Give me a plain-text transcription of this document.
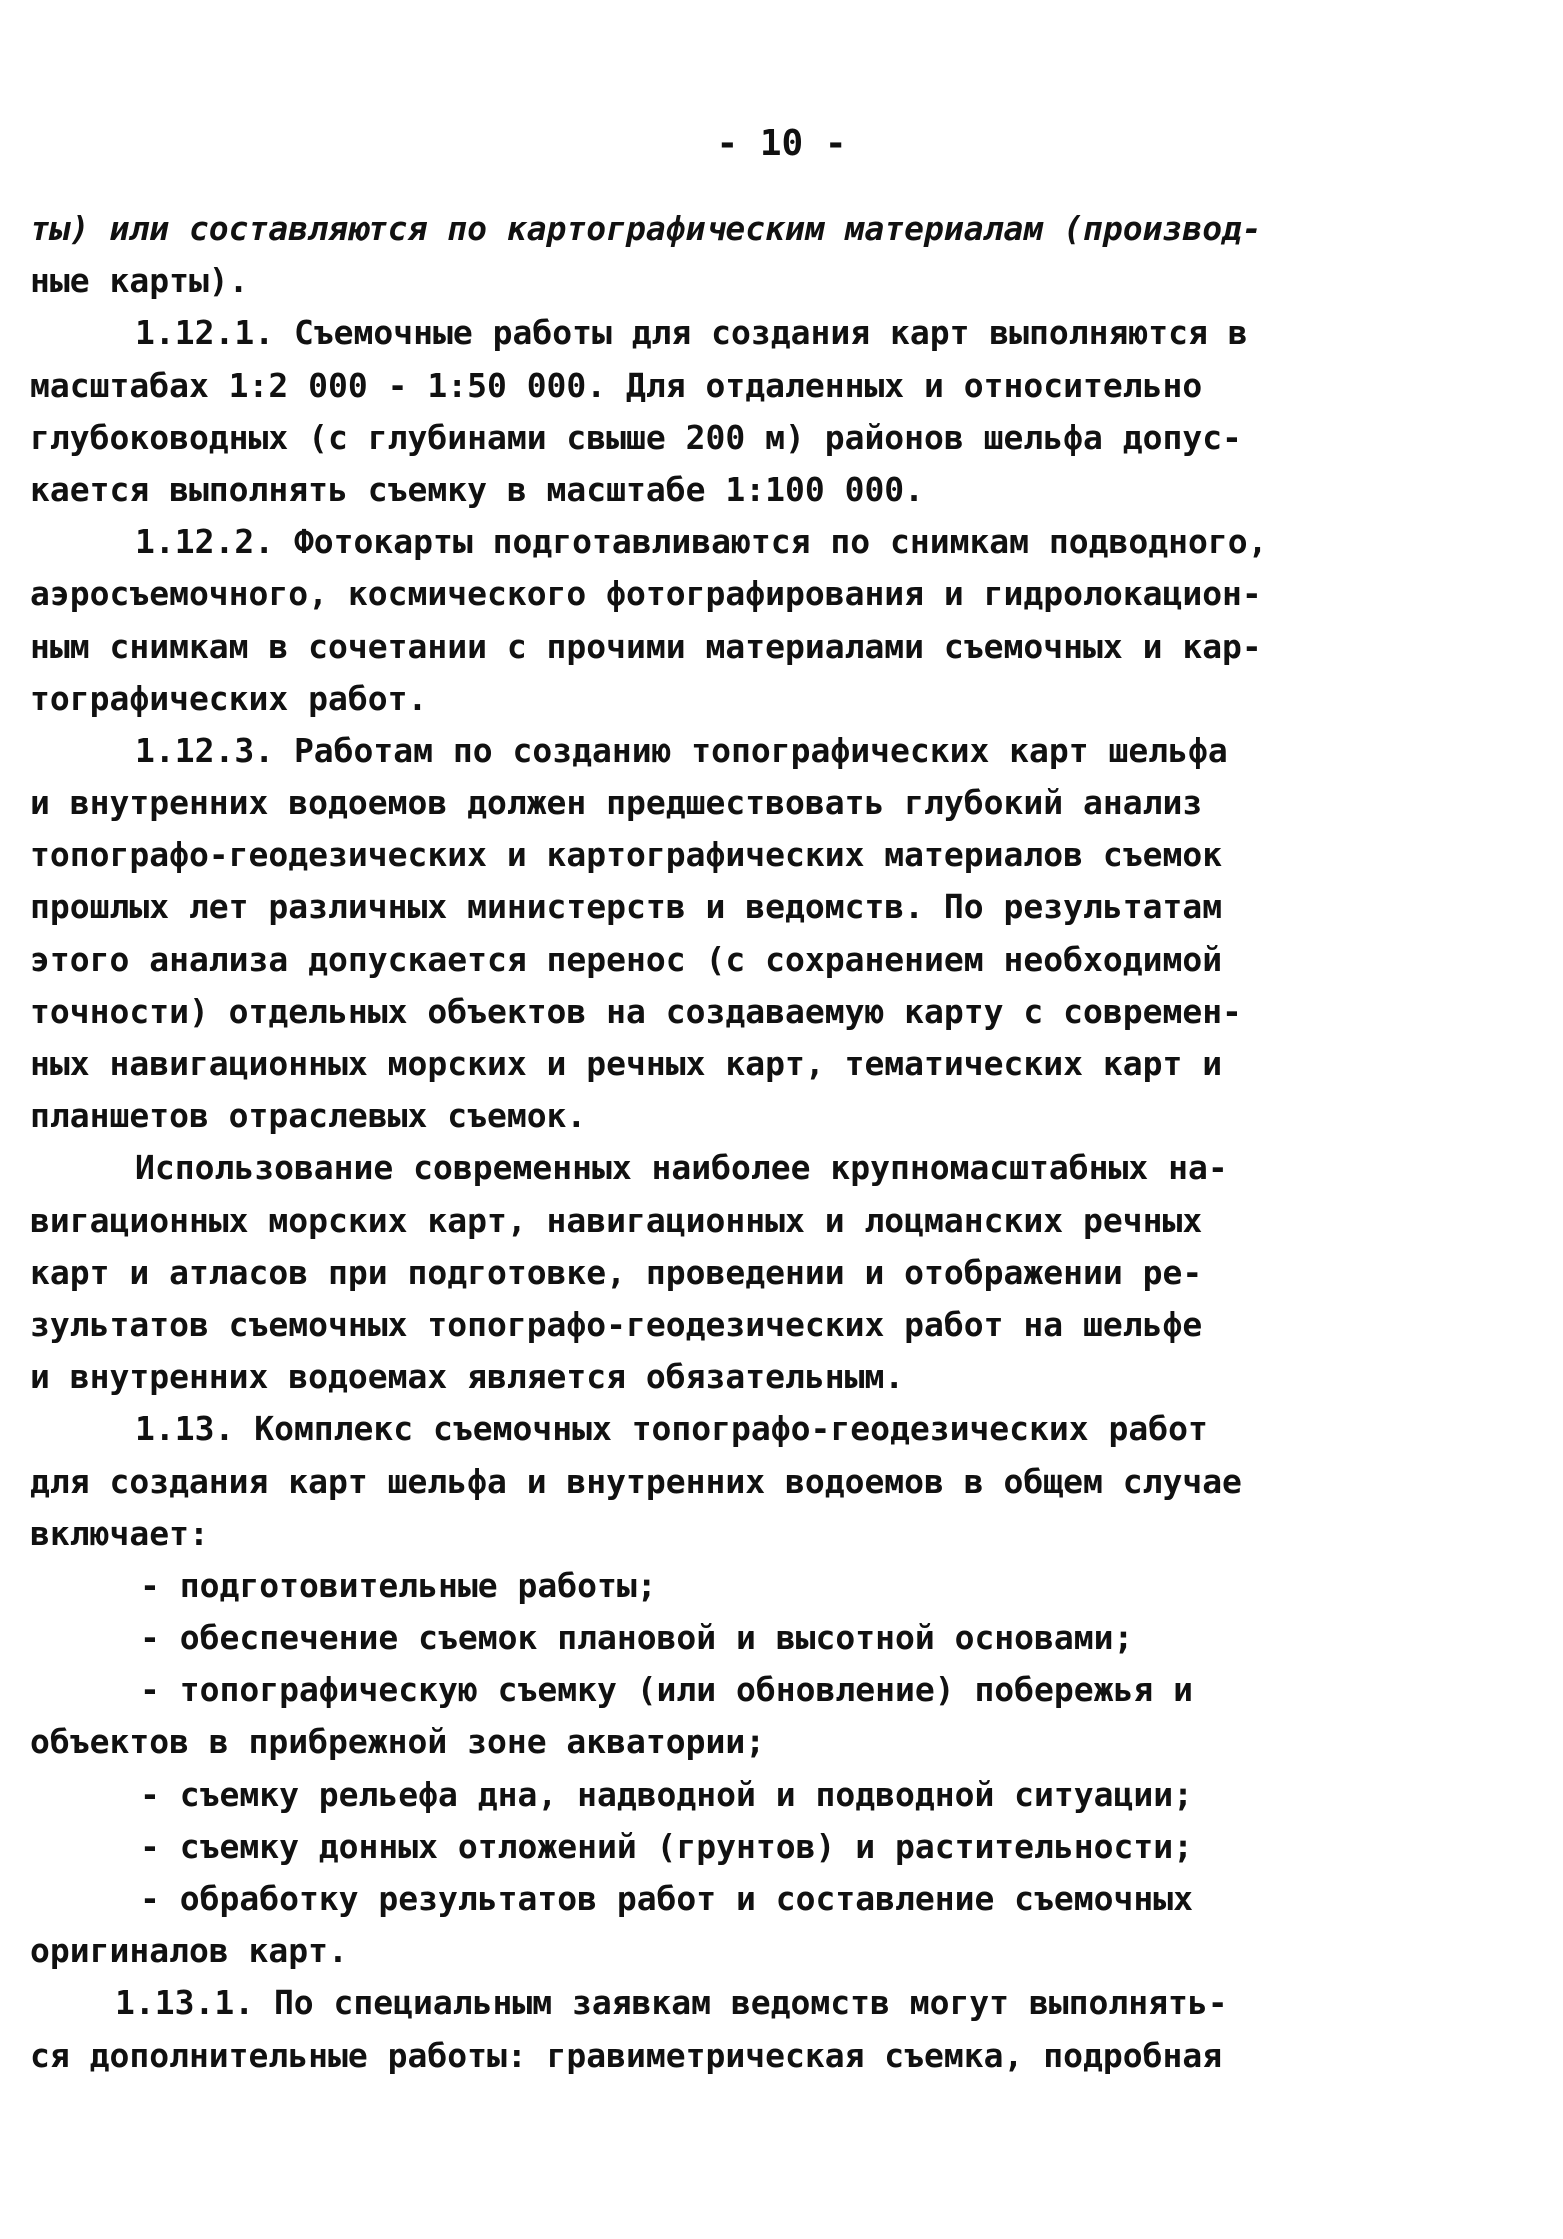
- 10 -
ты) или составляются по картографическим материалам (производ-
ные карты).
1.12.1. Съемочные работы для создания карт выполняются в
масштабах 1:2 000 - 1:50 000. Для отдаленных и относительно
глубоководных (с глубинами свыше 200 м) районов шельфа допус-
кается выполнять съемку в масштабе 1:100 000.
1.12.2. Фотокарты подготавливаются по снимкам подводного,
аэросъемочного, космического фотографирования и гидролокацион-
ным снимкам в сочетании с прочими материалами съемочных и кар-
тографических работ.
1.12.3. Работам по созданию топографических карт шельфа
и внутренних водоемов должен предшествовать глубокий анализ
топографо-геодезических и картографических материалов съемок
прошлых лет различных министерств и ведомств. По результатам
этого анализа допускается перенос (с сохранением необходимой
точности) отдельных объектов на создаваемую карту с современ-
ных навигационных морских и речных карт, тематических карт и
планшетов отраслевых съемок.
Использование современных наиболее крупномасштабных на-
вигационных морских карт, навигационных и лоцманских речных
карт и атласов при подготовке, проведении и отображении ре-
зультатов съемочных топографо-геодезических работ на шельфе
и внутренних водоемах является обязательным.
1.13. Комплекс съемочных топографо-геодезических работ
для создания карт шельфа и внутренних водоемов в общем случае
включает:
- подготовительные работы;
- обеспечение съемок плановой и высотной основами;
- топографическую съемку (или обновление) побережья и
объектов в прибрежной зоне акватории;
- съемку рельефа дна, надводной и подводной ситуации;
- съемку донных отложений (грунтов) и растительности;
- обработку результатов работ и составление съемочных
оригиналов карт.
1.13.1. По специальным заявкам ведомств могут выполнять-
ся дополнительные работы: гравиметрическая съемка, подробная
